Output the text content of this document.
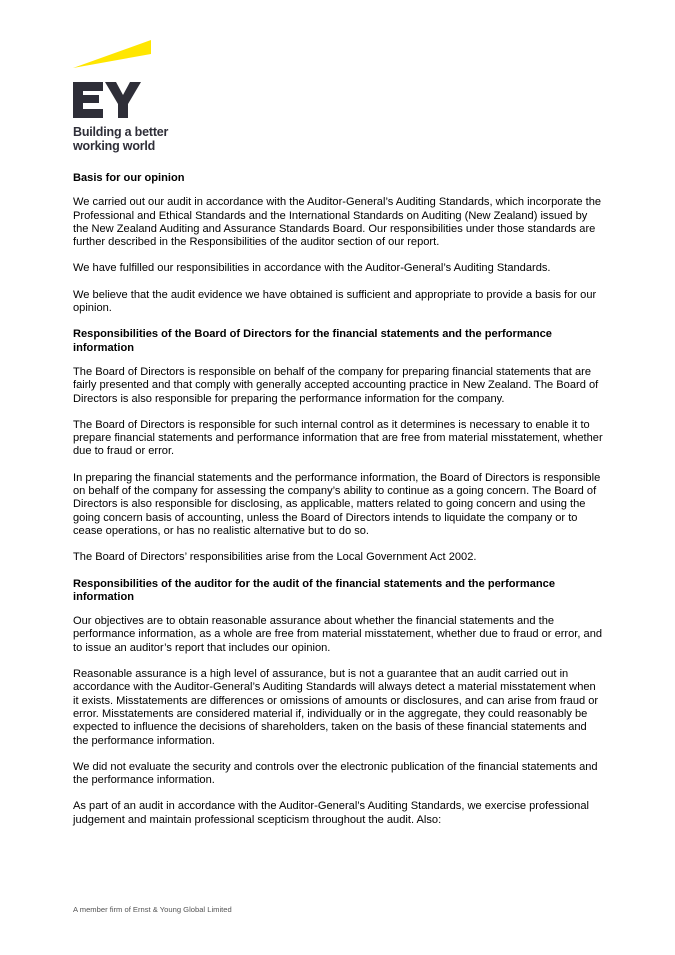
Building a better
working world
Basis for our opinion

We carried out our audit in accordance with the Auditor-General’s Auditing Standards, which incorporate the Professional and Ethical Standards and the International Standards on Auditing (New Zealand) issued by the New Zealand Auditing and Assurance Standards Board. Our responsibilities under those standards are further described in the Responsibilities of the auditor section of our report.

We have fulfilled our responsibilities in accordance with the Auditor-General’s Auditing Standards.

We believe that the audit evidence we have obtained is sufficient and appropriate to provide a basis for our opinion.

Responsibilities of the Board of Directors for the financial statements and the performance information

The Board of Directors is responsible on behalf of the company for preparing financial statements that are fairly presented and that comply with generally accepted accounting practice in New Zealand. The Board of Directors is also responsible for preparing the performance information for the company.

The Board of Directors is responsible for such internal control as it determines is necessary to enable it to prepare financial statements and performance information that are free from material misstatement, whether due to fraud or error.

In preparing the financial statements and the performance information, the Board of Directors is responsible on behalf of the company for assessing the company’s ability to continue as a going concern. The Board of Directors is also responsible for disclosing, as applicable, matters related to going concern and using the going concern basis of accounting, unless the Board of Directors intends to liquidate the company or to cease operations, or has no realistic alternative but to do so.

The Board of Directors’ responsibilities arise from the Local Government Act 2002.

Responsibilities of the auditor for the audit of the financial statements and the performance information

Our objectives are to obtain reasonable assurance about whether the financial statements and the performance information, as a whole are free from material misstatement, whether due to fraud or error, and to issue an auditor’s report that includes our opinion.

Reasonable assurance is a high level of assurance, but is not a guarantee that an audit carried out in accordance with the Auditor-General’s Auditing Standards will always detect a material misstatement when it exists. Misstatements are differences or omissions of amounts or disclosures, and can arise from fraud or error. Misstatements are considered material if, individually or in the aggregate, they could reasonably be expected to influence the decisions of shareholders, taken on the basis of these financial statements and the performance information.

We did not evaluate the security and controls over the electronic publication of the financial statements and the performance information.

As part of an audit in accordance with the Auditor-General’s Auditing Standards, we exercise professional judgement and maintain professional scepticism throughout the audit. Also:

A member firm of Ernst & Young Global Limited
